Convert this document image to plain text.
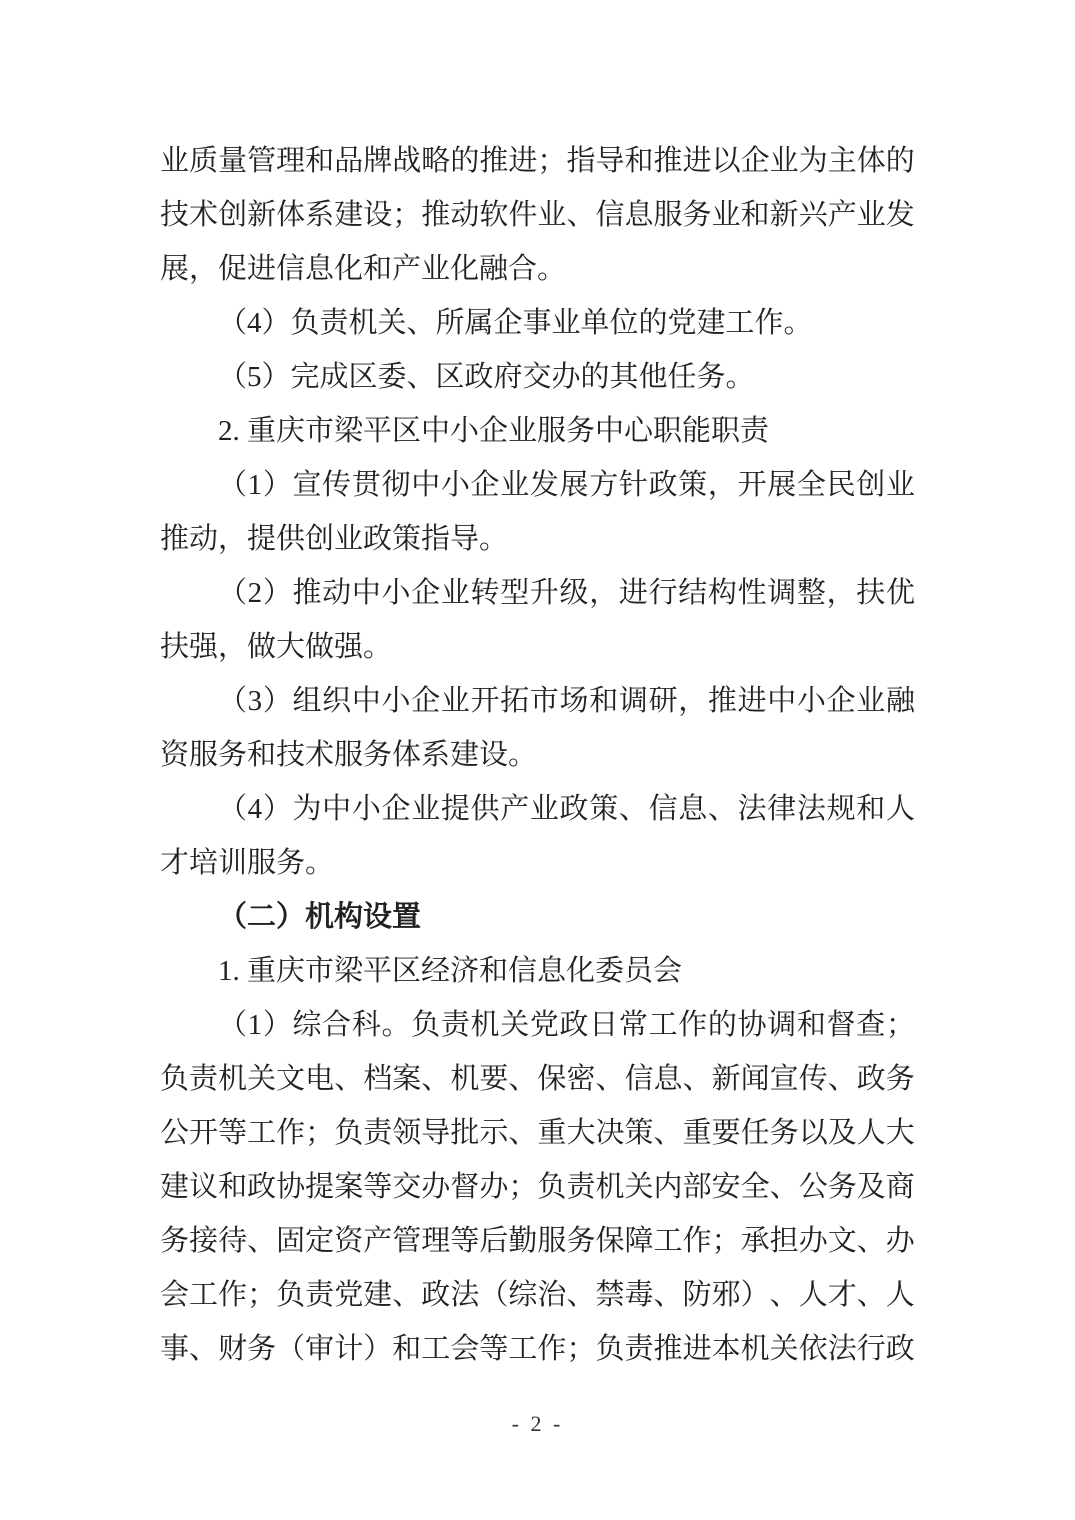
业 质 量 管 理 和 品 牌 战 略 的 推 进 ； 指 导 和 推 进 以 企 业 为 主 体 的
技 术 创 新 体 系 建 设 ； 推 动 软 件 业 、 信 息 服 务 业 和 新 兴 产 业 发
展，促进信息化和产业化融合。
（4）负责机关、所属企事业单位的党建工作。
（5）完成区委、区政府交办的其他任务。
2. 重庆市梁平区中小企业服务中心职能职责
（ 1 ） 宣 传 贯 彻 中 小 企 业 发 展 方 针 政 策 ， 开 展 全 民 创 业
推动，提供创业政策指导。
（ 2 ） 推 动 中 小 企 业 转 型 升 级 ， 进 行 结 构 性 调 整 ， 扶 优
扶强，做大做强。
（ 3 ） 组 织 中 小 企 业 开 拓 市 场 和 调 研 ， 推 进 中 小 企 业 融
资服务和技术服务体系建设。
（ 4 ） 为 中 小 企 业 提 供 产 业 政 策 、 信 息 、 法 律 法 规 和 人
才培训服务。
（二）机构设置
1. 重庆市梁平区经济和信息化委员会
（ 1 ） 综 合 科 。 负 责 机 关 党 政 日 常 工 作 的 协 调 和 督 查 ；
负 责 机 关 文 电 、 档 案 、 机 要 、 保 密 、 信 息 、 新 闻 宣 传 、 政 务
公 开 等 工 作 ； 负 责 领 导 批 示 、 重 大 决 策 、 重 要 任 务 以 及 人 大
建 议 和 政 协 提 案 等 交 办 督 办 ； 负 责 机 关 内 部 安 全 、 公 务 及 商
务 接 待 、 固 定 资 产 管 理 等 后 勤 服 务 保 障 工 作 ； 承 担 办 文 、 办
会 工 作 ； 负 责 党 建 、 政 法 （ 综 治 、 禁 毒 、 防 邪 ） 、 人 才 、 人
事 、 财 务 （ 审 计 ） 和 工 会 等 工 作 ； 负 责 推 进 本 机 关 依 法 行 政
- 2 -
